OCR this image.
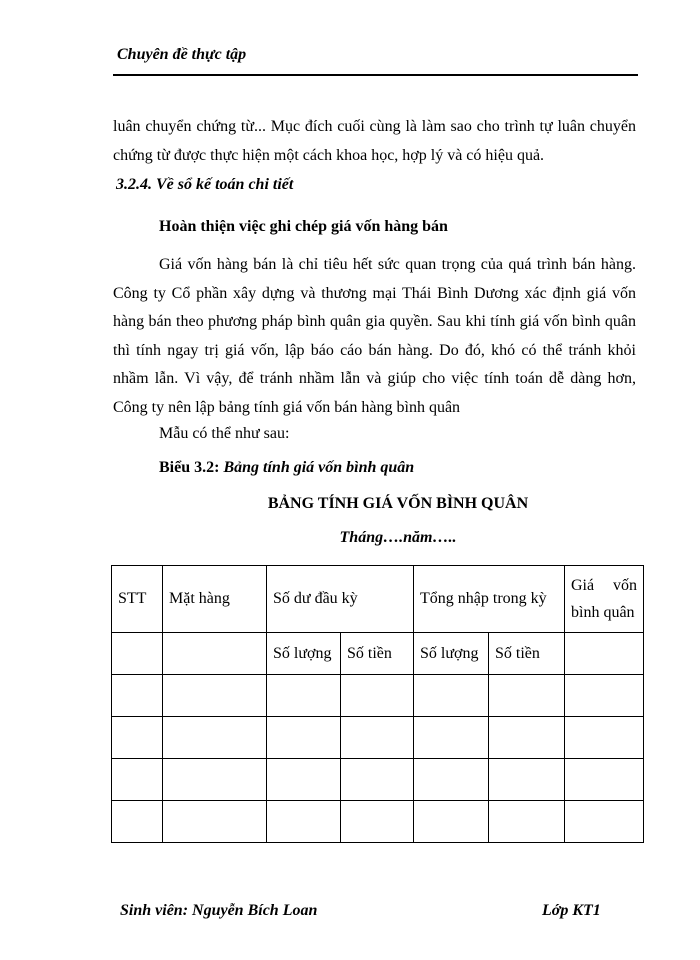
Chuyên đề thực tập
luân chuyển chứng từ... Mục đích cuối cùng là làm sao cho trình tự luân chuyển chứng từ được thực hiện một cách khoa học, hợp lý và có hiệu quả.
3.2.4. Về sổ kế toán chi tiết
Hoàn thiện việc ghi chép giá vốn hàng bán
Giá vốn hàng bán là chỉ tiêu hết sức quan trọng của quá trình bán hàng. Công ty Cổ phần xây dựng và thương mại Thái Bình Dương xác định giá vốn hàng bán theo phương pháp bình quân gia quyền. Sau khi tính giá vốn bình quân thì tính ngay trị giá vốn, lập báo cáo bán hàng. Do đó, khó có thể tránh khỏi nhầm lẫn. Vì vậy, để tránh nhầm lẫn và giúp cho việc tính toán dễ dàng hơn, Công ty nên lập bảng tính giá vốn bán hàng bình quân
Mẫu có thể như sau:
Biểu 3.2: Bảng tính giá vốn bình quân
BẢNG TÍNH GIÁ VỐN BÌNH QUÂN
Tháng….năm…..
STT	Mặt hàng	Số dư đầu kỳ		Tổng nhập trong kỳ		Giá vốn bình quân
		Số lượng	Số tiền	Số lượng	Số tiền	

Sinh viên: Nguyễn Bích Loan	Lớp KT1
